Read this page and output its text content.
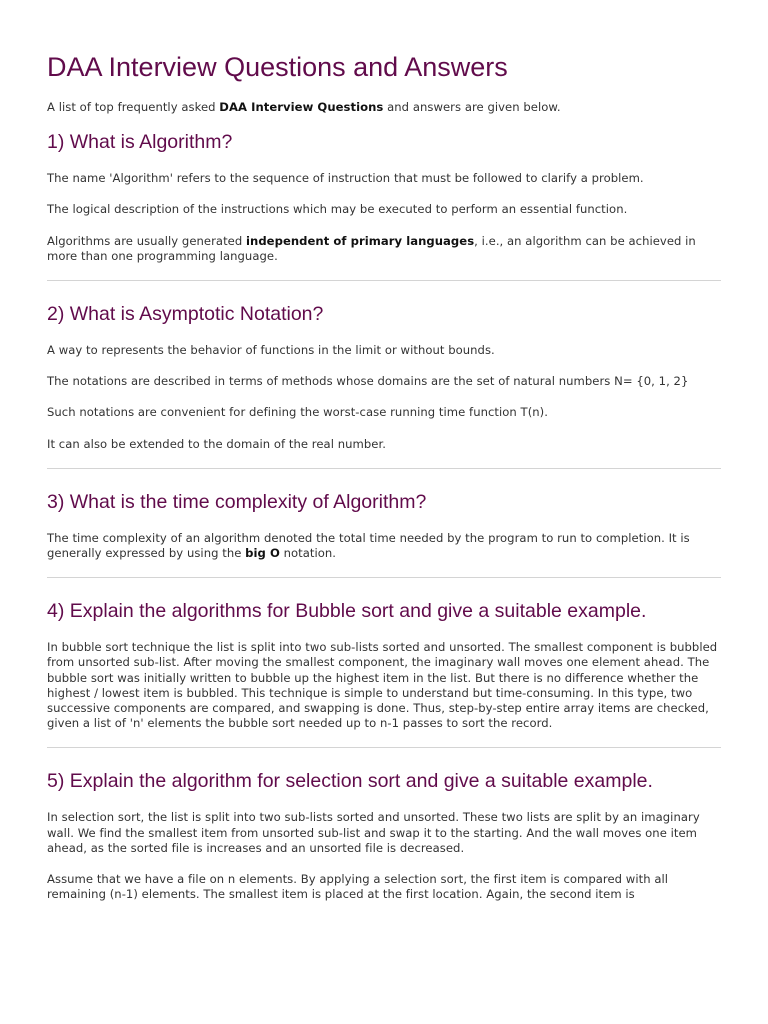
DAA Interview Questions and Answers

A list of top frequently asked DAA Interview Questions and answers are given below.

1) What is Algorithm?

The name 'Algorithm' refers to the sequence of instruction that must be followed to clarify a problem.

The logical description of the instructions which may be executed to perform an essential function.

Algorithms are usually generated independent of primary languages, i.e., an algorithm can be achieved in more than one programming language.

2) What is Asymptotic Notation?

A way to represents the behavior of functions in the limit or without bounds.

The notations are described in terms of methods whose domains are the set of natural numbers N= {0, 1, 2}

Such notations are convenient for defining the worst-case running time function T(n).

It can also be extended to the domain of the real number.

3) What is the time complexity of Algorithm?

The time complexity of an algorithm denoted the total time needed by the program to run to completion. It is generally expressed by using the big O notation.

4) Explain the algorithms for Bubble sort and give a suitable example.

In bubble sort technique the list is split into two sub-lists sorted and unsorted. The smallest component is bubbled from unsorted sub-list. After moving the smallest component, the imaginary wall moves one element ahead. The bubble sort was initially written to bubble up the highest item in the list. But there is no difference whether the highest / lowest item is bubbled. This technique is simple to understand but time-consuming. In this type, two successive components are compared, and swapping is done. Thus, step-by-step entire array items are checked, given a list of 'n' elements the bubble sort needed up to n-1 passes to sort the record.

5) Explain the algorithm for selection sort and give a suitable example.

In selection sort, the list is split into two sub-lists sorted and unsorted. These two lists are split by an imaginary wall. We find the smallest item from unsorted sub-list and swap it to the starting. And the wall moves one item ahead, as the sorted file is increases and an unsorted file is decreased.

Assume that we have a file on n elements. By applying a selection sort, the first item is compared with all remaining (n-1) elements. The smallest item is placed at the first location. Again, the second item is
